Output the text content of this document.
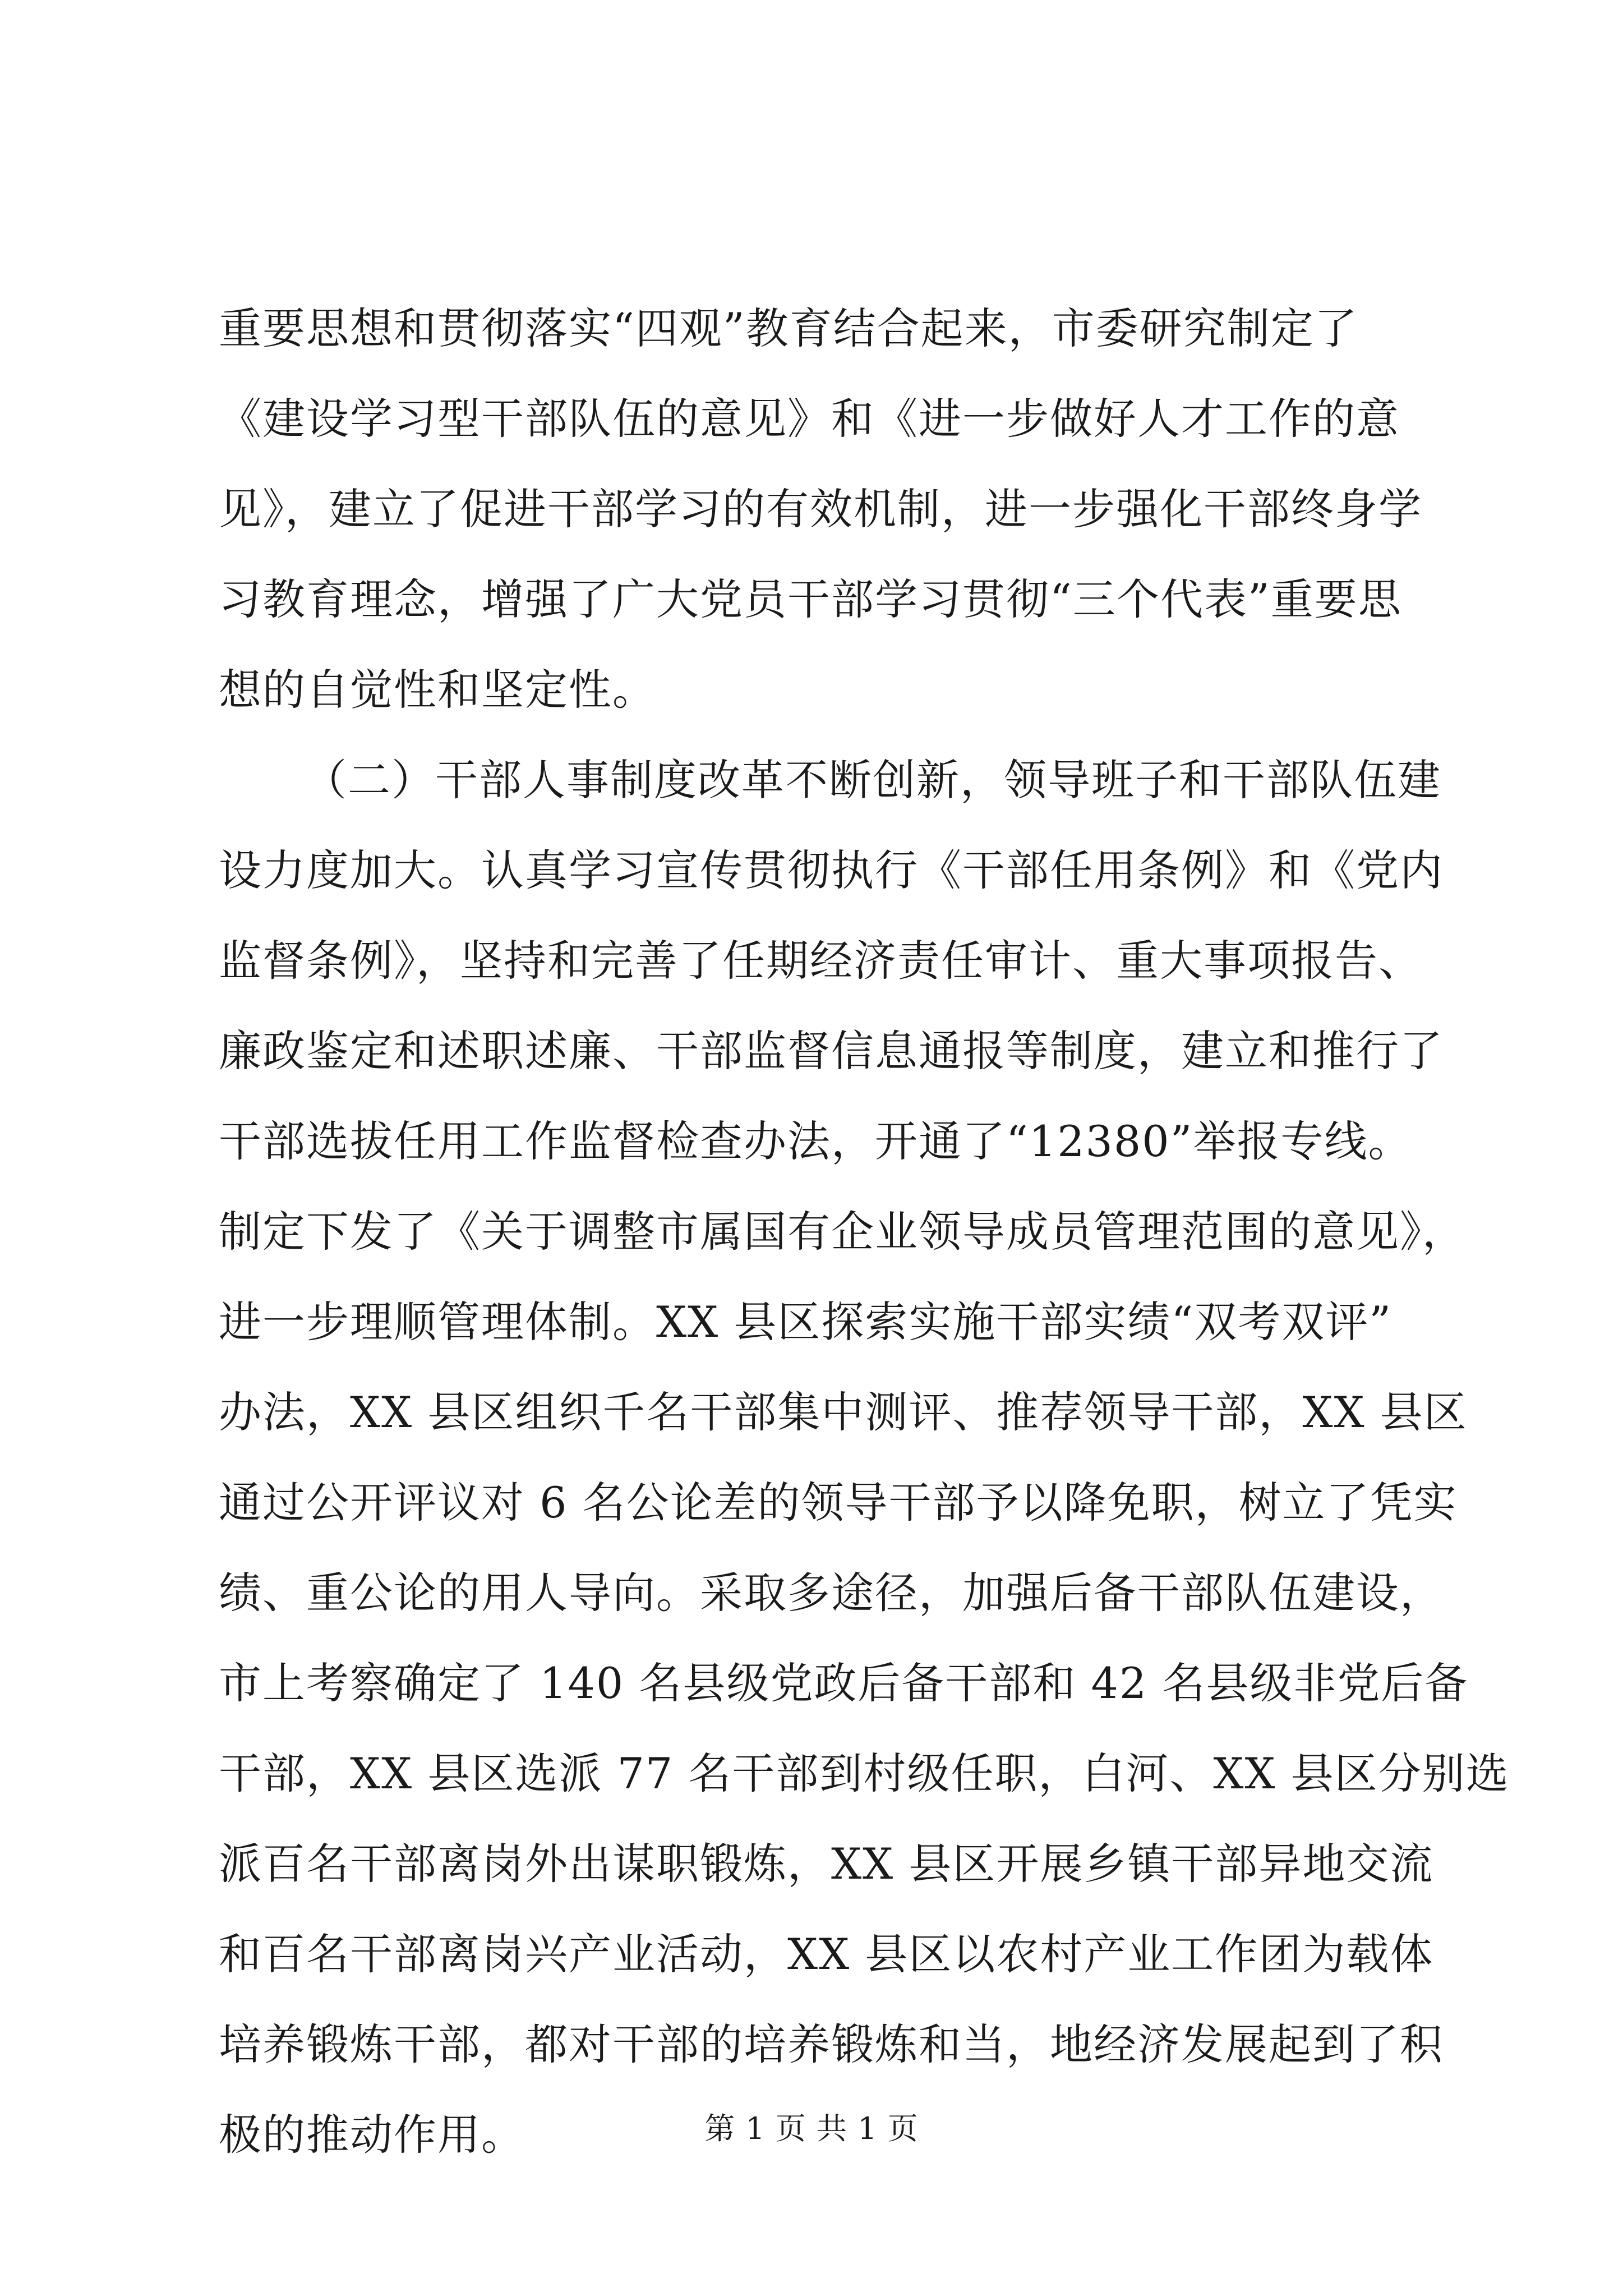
重要思想和贯彻落实“四观”教育结合起来，市委研究制定了
《建设学习型干部队伍的意见》和《进一步做好人才工作的意
见》，建立了促进干部学习的有效机制，进一步强化干部终身学
习教育理念，增强了广大党员干部学习贯彻“三个代表”重要思
想的自觉性和坚定性。
（二）干部人事制度改革不断创新，领导班子和干部队伍建
设力度加大。认真学习宣传贯彻执行《干部任用条例》和《党内
监督条例》，坚持和完善了任期经济责任审计、重大事项报告、
廉政鉴定和述职述廉、干部监督信息通报等制度，建立和推行了
干部选拔任用工作监督检查办法，开通了“12380”举报专线。
制定下发了《关于调整市属国有企业领导成员管理范围的意见》，
进一步理顺管理体制。XX 县区探索实施干部实绩“双考双评”
办法，XX 县区组织千名干部集中测评、推荐领导干部，XX 县区
通过公开评议对 6 名公论差的领导干部予以降免职，树立了凭实
绩、重公论的用人导向。采取多途径，加强后备干部队伍建设，
市上考察确定了 140 名县级党政后备干部和 42 名县级非党后备
干部，XX 县区选派 77 名干部到村级任职，白河、XX 县区分别选
派百名干部离岗外出谋职锻炼，XX 县区开展乡镇干部异地交流
和百名干部离岗兴产业活动，XX 县区以农村产业工作团为载体
培养锻炼干部，都对干部的培养锻炼和当，地经济发展起到了积
极的推动作用。	第 1 页 共 1 页
